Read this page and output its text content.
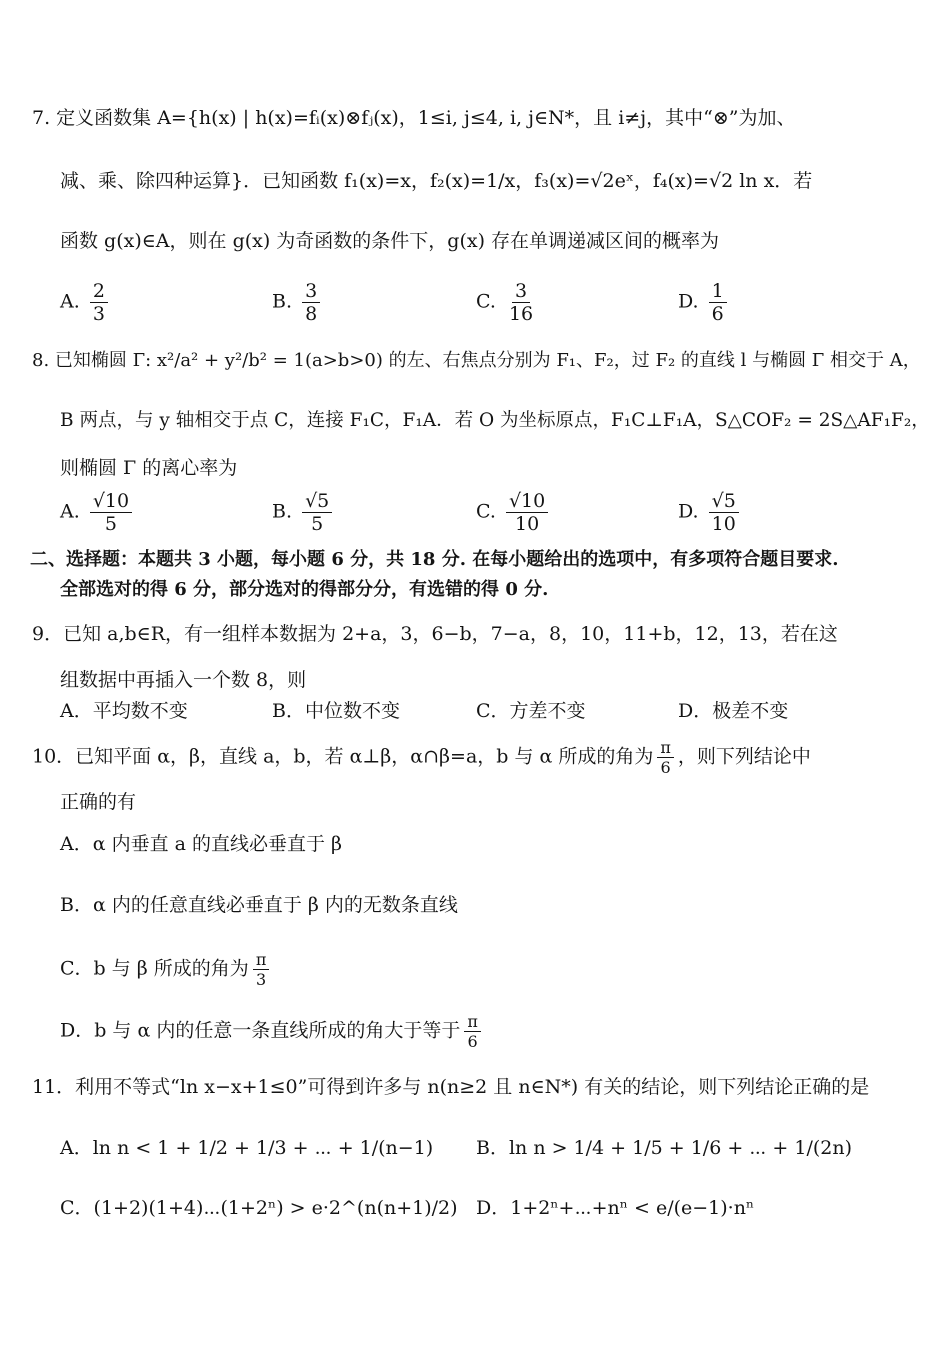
7. 定义函数集 A={h(x) | h(x)=fᵢ(x)⊗fⱼ(x)，1≤i, j≤4, i, j∈N*，且 i≠j，其中“⊗”为加、
减、乘、除四种运算}．已知函数 f₁(x)=x，f₂(x)=1/x，f₃(x)=√2eˣ，f₄(x)=√2 ln x．若
函数 g(x)∈A，则在 g(x) 为奇函数的条件下，g(x) 存在单调递减区间的概率为
A. $\frac{2}{3}$	B. $\frac{3}{8}$	C. $\frac{3}{16}$	D. $\frac{1}{6}$
8. 已知椭圆 Γ: x²/a² + y²/b² = 1(a>b>0) 的左、右焦点分别为 F₁、F₂，过 F₂ 的直线 l 与椭圆 Γ 相交于 A，
B 两点，与 y 轴相交于点 C，连接 F₁C，F₁A．若 O 为坐标原点，F₁C⊥F₁A，S△COF₂ = 2S△AF₁F₂，
则椭圆 Γ 的离心率为
A. $\frac{√10}{5}$	B. $\frac{√5}{5}$	C. $\frac{√10}{10}$	D. $\frac{√5}{10}$
二、选择题：本题共 3 小题，每小题 6 分，共 18 分. 在每小题给出的选项中，有多项符合题目要求.
全部选对的得 6 分，部分选对的得部分分，有选错的得 0 分.
9．已知 a,b∈R，有一组样本数据为 2+a，3，6−b，7−a，8，10，11+b，12，13，若在这
组数据中再插入一个数 8，则
A．平均数不变	B．中位数不变	C．方差不变	D．极差不变
10．已知平面 α，β，直线 a，b，若 α⊥β，α∩β=a，b 与 α 所成的角为 $\frac{\pi}{6}$ ，则下列结论中
正确的有
A．α 内垂直 a 的直线必垂直于 β
B．α 内的任意直线必垂直于 β 内的无数条直线
C．b 与 β 所成的角为 $\frac{\pi}{3}$
D．b 与 α 内的任意一条直线所成的角大于等于 $\frac{\pi}{6}$
11．利用不等式“ln x−x+1≤0”可得到许多与 n(n≥2 且 n∈N*) 有关的结论，则下列结论正确的是
A．ln n < 1 + 1/2 + 1/3 + ⋯ + 1/(n−1) B．ln n > 1/4 + 1/5 + 1/6 + ⋯ + 1/(2n)
C．(1+2)(1+4)⋯(1+2ⁿ) > e·2^(n(n+1)/2) D．1+2ⁿ+⋯+nⁿ < e/(e−1)·nⁿ
